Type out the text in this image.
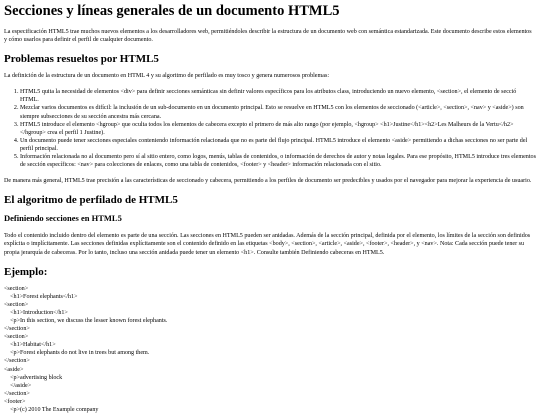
Secciones y líneas generales de un documento HTML5

La especificación HTML5 trae muchos nuevos elementos a los desarrolladores web, permitiéndoles describir la estructura de un documento web con semántica estandarizada. Este documento describe estos elementos y cómo usarlos para definir el perfil de cualquier documento.

Problemas resueltos por HTML5

La definición de la estructura de un documento en HTML 4 y su algoritmo de perfilado es muy tosco y genera numerosos problemas:

1. HTML5 quita la necesidad de elementos <div> para definir secciones semánticas sin definir valores específicos para los atributos class, introduciendo un nuevo elemento, <section>, el elemento de secció HTML.
2. Mezclar varios documentos es difícil: la inclusión de un sub-documento en un documento principal. Esto se resuelve en HTML5 con los elementos de seccionado (<article>, <section>, <nav> y <aside>) son siempre subsecciones de su sección ancestra más cercana.
3. HTML5 introduce el elemento <hgroup> que oculta todos los elementos de cabecera excepto el primero de más alto rango (por ejemplo, <hgroup> <h1>Justine</h1><h2>Les Malheurs de la Vertu</h2> </hgroup> crea el perfil 1 Justine).
4. Un documento puede tener secciones especiales conteniendo información relacionada que no es parte del flujo principal. HTML5 introduce el elemento <aside> permitiendo a dichas secciones no ser parte del perfil principal.
5. Información relacionada no al documento pero sí al sitio entero, como logos, menús, tablas de contenidos, o información de derechos de autor y notas legales. Para ese propósito, HTML5 introduce tres elementos de sección específicos: <nav> para colecciones de enlaces, como una tabla de contenidos, <footer> y <header> información relacionada con el sitio.

De manera más general, HTML5 trae precisión a las características de seccionado y cabecera, permitiendo a los perfiles de documento ser predecibles y usados por el navegador para mejorar la experiencia de usuario.

El algoritmo de perfilado de HTML5
Definiendo secciones en HTML5

Todo el contenido incluido dentro del elemento es parte de una sección. Las secciones en HTML5 pueden ser anidadas. Además de la sección principal, definida por el elemento, los límites de la sección son definidos explícita o implícitamente. Las secciones definidas explícitamente son el contenido definido en las etiquetas <body>, <section>, <article>, <aside>, <footer>, <header>, y <nav>. Nota: Cada sección puede tener su propia jerarquía de cabeceras. Por lo tanto, incluso una sección anidada puede tener un elemento <h1>. Consulte también Definiendo cabeceras en HTML5.

Ejemplo:
<section>
<h1>Forest elephants</h1>
<section>
<h1>Introduction</h1>
<p>In this section, we discuss the lesser known forest elephants.
</section>
<section>
<h1>Habitat</h1>
<p>Forest elephants do not live in trees but among them.
</section>
<aside>
<p>advertising block
</aside>
</section>
<footer>
<p>(c) 2010 The Example company
